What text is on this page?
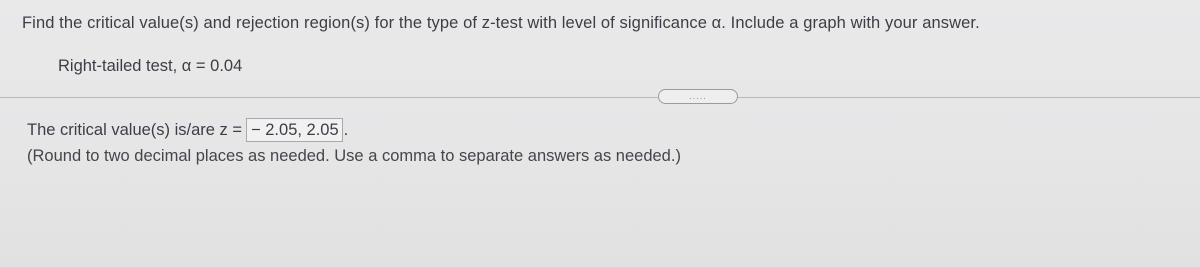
Find the critical value(s) and rejection region(s) for the type of z-test with level of significance α. Include a graph with your answer.
Right-tailed test, α = 0.04
.....
The critical value(s) is/are z = − 2.05, 2.05 .
(Round to two decimal places as needed. Use a comma to separate answers as needed.)
